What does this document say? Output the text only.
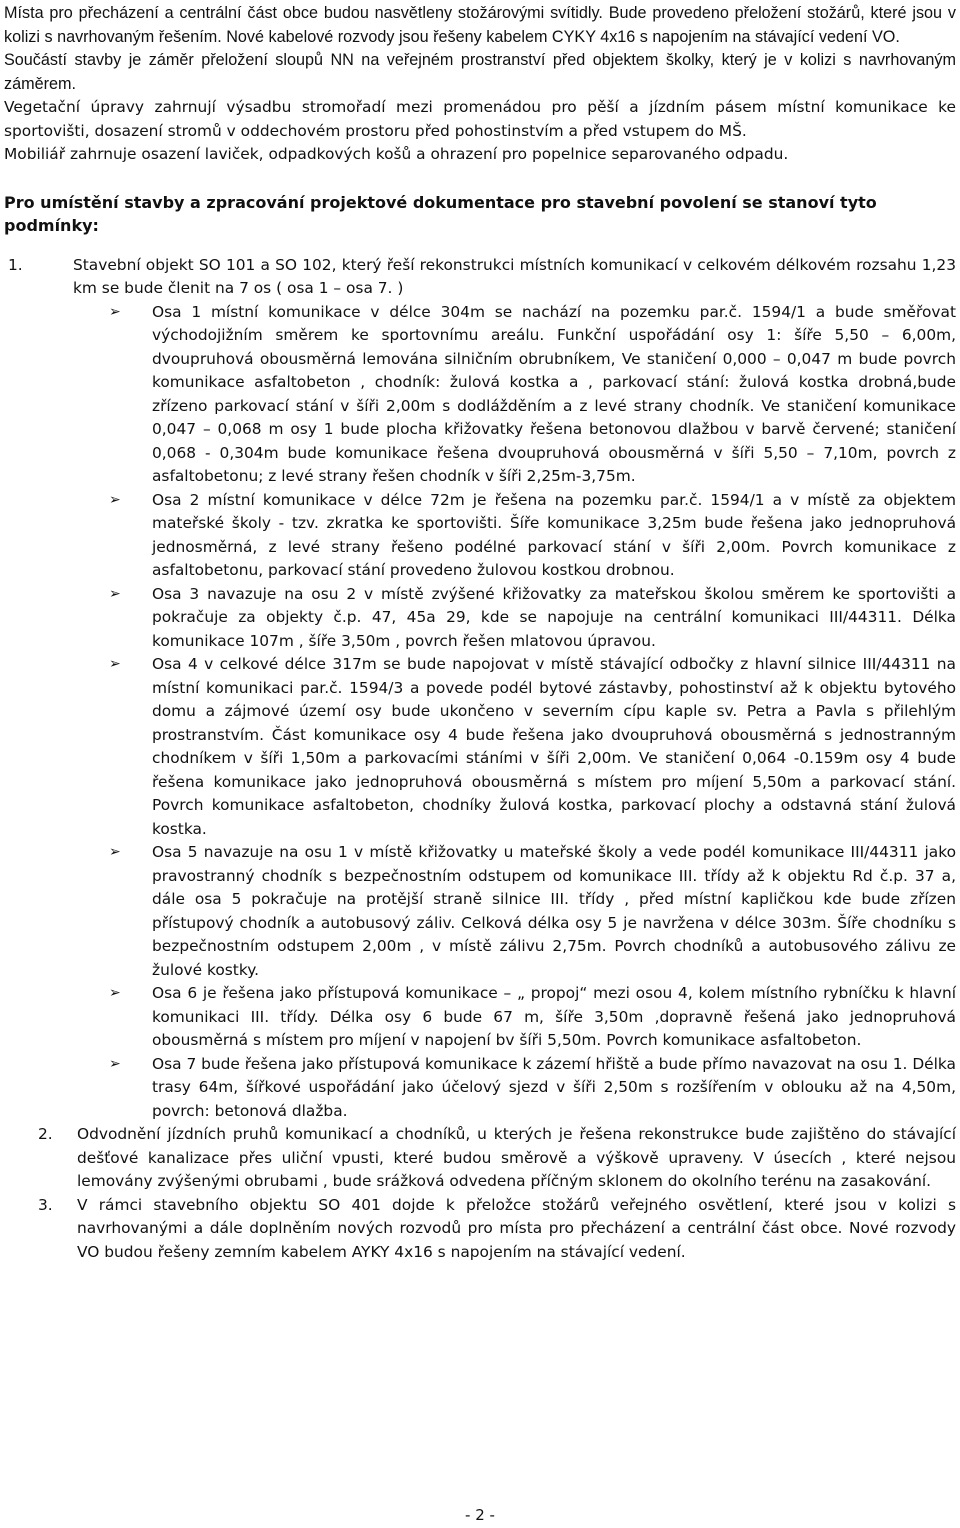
Místa pro přecházení a centrální část obce budou nasvětleny stožárovými svítidly. Bude provedeno přeložení stožárů, které jsou v kolizi s navrhovaným řešením. Nové kabelové rozvody jsou řešeny kabelem CYKY 4x16 s napojením na stávající vedení VO.

Součástí stavby je záměr přeložení sloupů NN na veřejném prostranství před objektem školky, který je v kolizi s navrhovaným záměrem.

Vegetační úpravy zahrnují výsadbu stromořadí mezi promenádou pro pěší a jízdním pásem místní komunikace ke sportovišti, dosazení stromů v oddechovém prostoru před pohostinstvím a před vstupem do MŠ.

Mobiliář zahrnuje osazení laviček, odpadkových košů a ohrazení pro popelnice separovaného odpadu.

Pro umístění stavby a zpracování projektové dokumentace pro stavební povolení se stanoví tyto podmínky:

1.	Stavební objekt SO 101 a SO 102, který řeší rekonstrukci místních komunikací v celkovém délkovém rozsahu 1,23 km se bude členit na 7 os ( osa 1 – osa 7. )

➢ Osa 1 místní komunikace v délce 304m se nachází na pozemku par.č. 1594/1 a bude směřovat východojižním směrem ke sportovnímu areálu. Funkční uspořádání osy 1: šíře 5,50 – 6,00m, dvoupruhová obousměrná lemována silničním obrubníkem, Ve staničení 0,000 – 0,047 m bude povrch komunikace asfaltobeton , chodník: žulová kostka a , parkovací stání: žulová kostka drobná,bude zřízeno parkovací stání v šíři 2,00m s dodlážděním a z levé strany chodník. Ve staničení komunikace 0,047 – 0,068 m osy 1 bude plocha křižovatky řešena betonovou dlažbou v barvě červené; staničení 0,068 - 0,304m bude komunikace řešena dvoupruhová obousměrná v šíři 5,50 – 7,10m, povrch z asfaltobetonu; z levé strany řešen chodník v šíři 2,25m-3,75m.

➢ Osa 2 místní komunikace v délce 72m je řešena na pozemku par.č. 1594/1 a v místě za objektem mateřské školy - tzv. zkratka ke sportovišti. Šíře komunikace 3,25m bude řešena jako jednopruhová jednosměrná, z levé strany řešeno podélné parkovací stání v šíři 2,00m. Povrch komunikace z asfaltobetonu, parkovací stání provedeno žulovou kostkou drobnou.

➢ Osa 3 navazuje na osu 2 v místě zvýšené křižovatky za mateřskou školou směrem ke sportovišti a pokračuje za objekty č.p. 47, 45a 29, kde se napojuje na centrální komunikaci III/44311. Délka komunikace 107m , šíře 3,50m , povrch řešen mlatovou úpravou.

➢ Osa 4 v celkové délce 317m se bude napojovat v místě stávající odbočky z hlavní silnice III/44311 na místní komunikaci par.č. 1594/3 a povede podél bytové zástavby, pohostinství až k objektu bytového domu a zájmové území osy bude ukončeno v severním cípu kaple sv. Petra a Pavla s přilehlým prostranstvím. Část komunikace osy 4 bude řešena jako dvoupruhová obousměrná s jednostranným chodníkem v šíři 1,50m a parkovacími stáními v šíři 2,00m. Ve staničení 0,064 -0.159m osy 4 bude řešena komunikace jako jednopruhová obousměrná s místem pro míjení 5,50m a parkovací stání. Povrch komunikace asfaltobeton, chodníky žulová kostka, parkovací plochy a odstavná stání žulová kostka.

➢ Osa 5 navazuje na osu 1 v místě křižovatky u mateřské školy a vede podél komunikace III/44311 jako pravostranný chodník s bezpečnostním odstupem od komunikace III. třídy až k objektu Rd č.p. 37 a, dále osa 5 pokračuje na protější straně silnice III. třídy , před místní kapličkou kde bude zřízen přístupový chodník a autobusový záliv. Celková délka osy 5 je navržena v délce 303m. Šíře chodníku s bezpečnostním odstupem 2,00m , v místě zálivu 2,75m. Povrch chodníků a autobusového zálivu ze žulové kostky.

➢ Osa 6 je řešena jako přístupová komunikace – „ propoj“ mezi osou 4, kolem místního rybníčku k hlavní komunikaci III. třídy. Délka osy 6 bude 67 m, šíře 3,50m ,dopravně řešená jako jednopruhová obousměrná s místem pro míjení v napojení bv šíři 5,50m. Povrch komunikace asfaltobeton.

➢ Osa 7 bude řešena jako přístupová komunikace k zázemí hřiště a bude přímo navazovat na osu 1. Délka trasy 64m, šířkové uspořádání jako účelový sjezd v šíři 2,50m s rozšířením v oblouku až na 4,50m, povrch: betonová dlažba.

2. Odvodnění jízdních pruhů komunikací a chodníků, u kterých je řešena rekonstrukce bude zajištěno do stávající dešťové kanalizace přes uliční vpusti, které budou směrově a výškově upraveny. V úsecích , které nejsou lemovány zvýšenými obrubami , bude srážková odvedena příčným sklonem do okolního terénu na zasakování.

3. V rámci stavebního objektu SO 401 dojde k přeložce stožárů veřejného osvětlení, které jsou v kolizi s navrhovanými a dále doplněním nových rozvodů pro místa pro přecházení a centrální část obce. Nové rozvody VO budou řešeny zemním kabelem AYKY 4x16 s napojením na stávající vedení.

- 2 -
